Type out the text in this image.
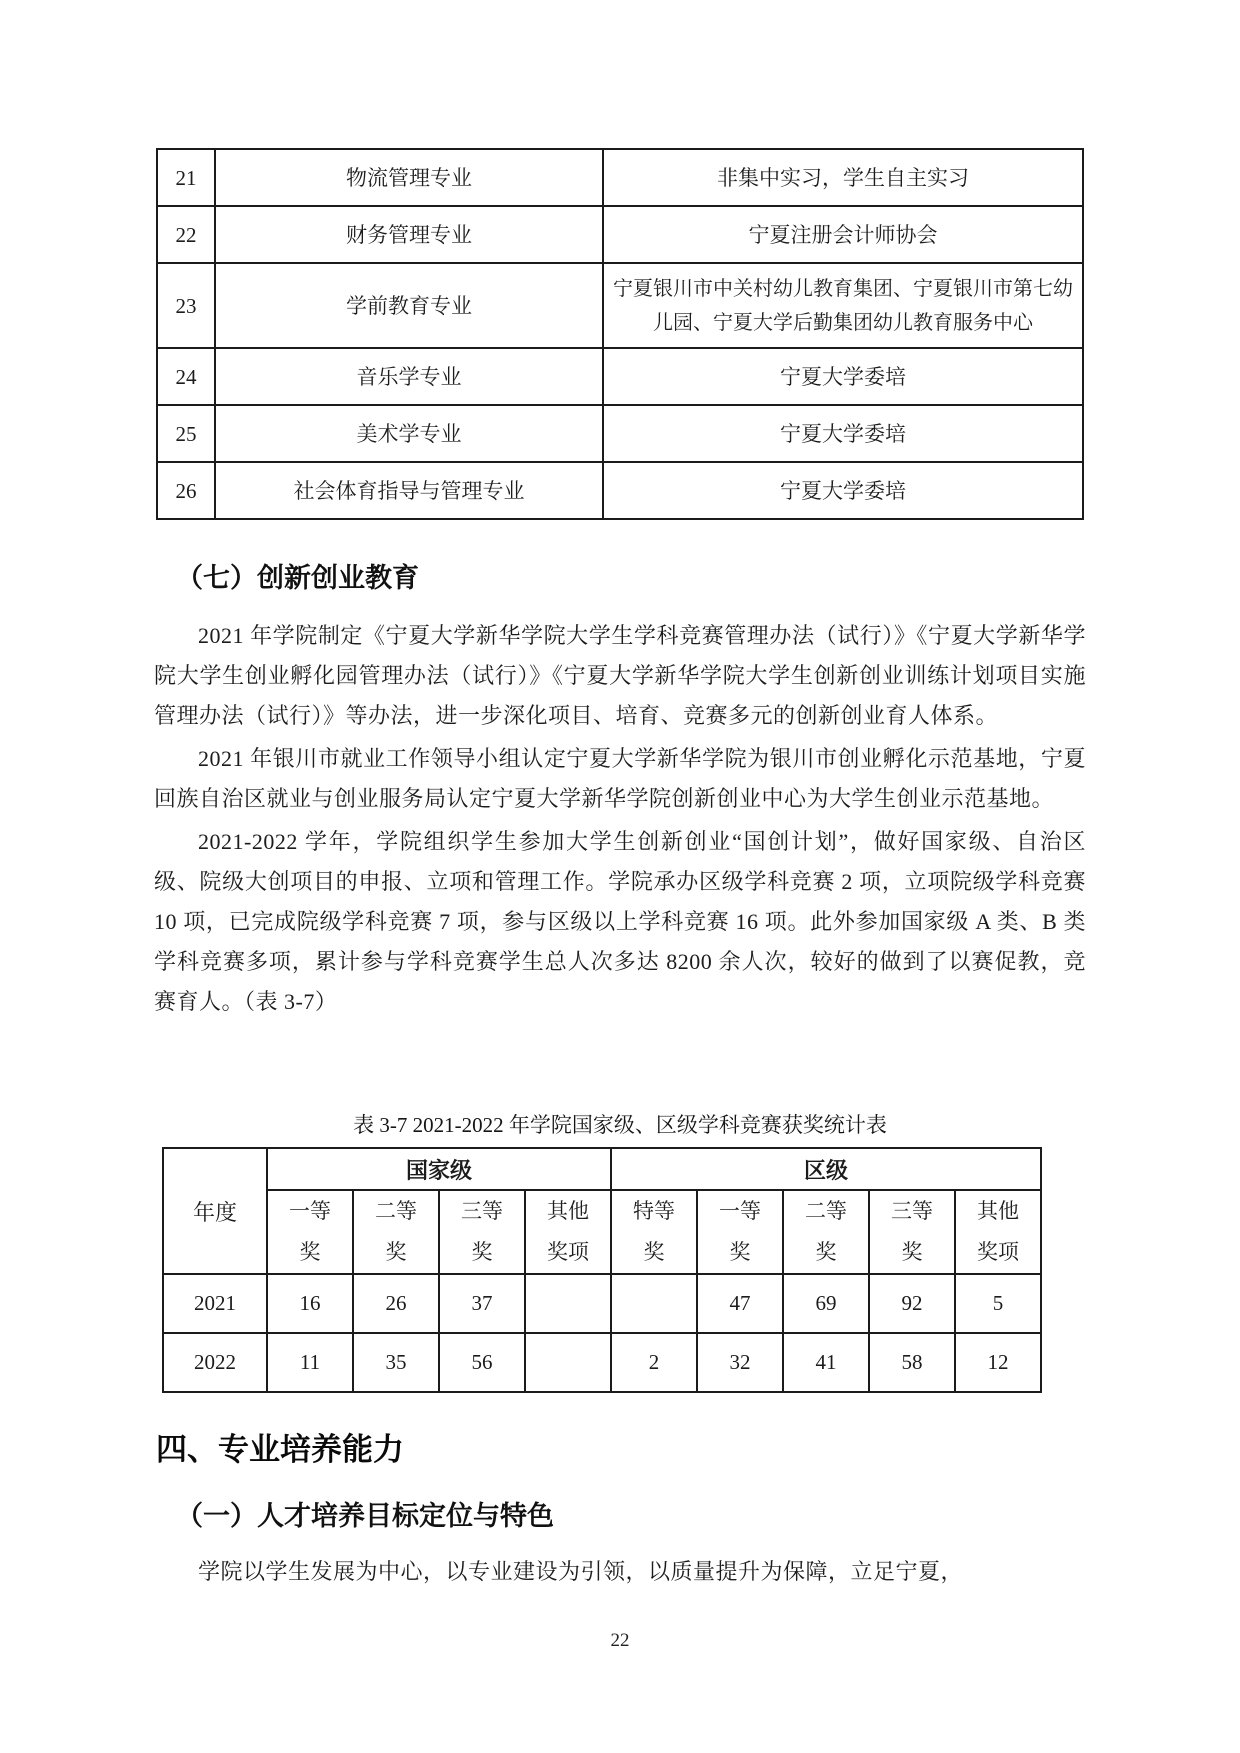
21	物流管理专业	非集中实习，学生自主实习
22	财务管理专业	宁夏注册会计师协会
23	学前教育专业	宁夏银川市中关村幼儿教育集团、宁夏银川市第七幼儿园、宁夏大学后勤集团幼儿教育服务中心
24	音乐学专业	宁夏大学委培
25	美术学专业	宁夏大学委培
26	社会体育指导与管理专业	宁夏大学委培
（七）创新创业教育

2021 年学院制定《宁夏大学新华学院大学生学科竞赛管理办法（试行）》《宁夏大学新华学院大学生创业孵化园管理办法（试行）》《宁夏大学新华学院大学生创新创业训练计划项目实施管理办法（试行）》等办法，进一步深化项目、培育、竞赛多元的创新创业育人体系。

2021 年银川市就业工作领导小组认定宁夏大学新华学院为银川市创业孵化示范基地，宁夏回族自治区就业与创业服务局认定宁夏大学新华学院创新创业中心为大学生创业示范基地。

2021-2022 学年，学院组织学生参加大学生创新创业“国创计划”，做好国家级、自治区级、院级大创项目的申报、立项和管理工作。学院承办区级学科竞赛 2 项，立项院级学科竞赛 10 项，已完成院级学科竞赛 7 项，参与区级以上学科竞赛 16 项。此外参加国家级 A 类、B 类学科竞赛多项，累计参与学科竞赛学生总人次多达 8200 余人次，较好的做到了以赛促教，竞赛育人。（表 3-7）

表 3-7 2021-2022 年学院国家级、区级学科竞赛获奖统计表
年度	国家级				区级				
	一等奖	二等奖	三等奖	其他奖项	特等奖	一等奖	二等奖	三等奖	其他奖项
2021	16	26	37			47	69	92	5
2022	11	35	56		2	32	41	58	12
四、专业培养能力
（一）人才培养目标定位与特色
学院以学生发展为中心，以专业建设为引领，以质量提升为保障，立足宁夏，
22
